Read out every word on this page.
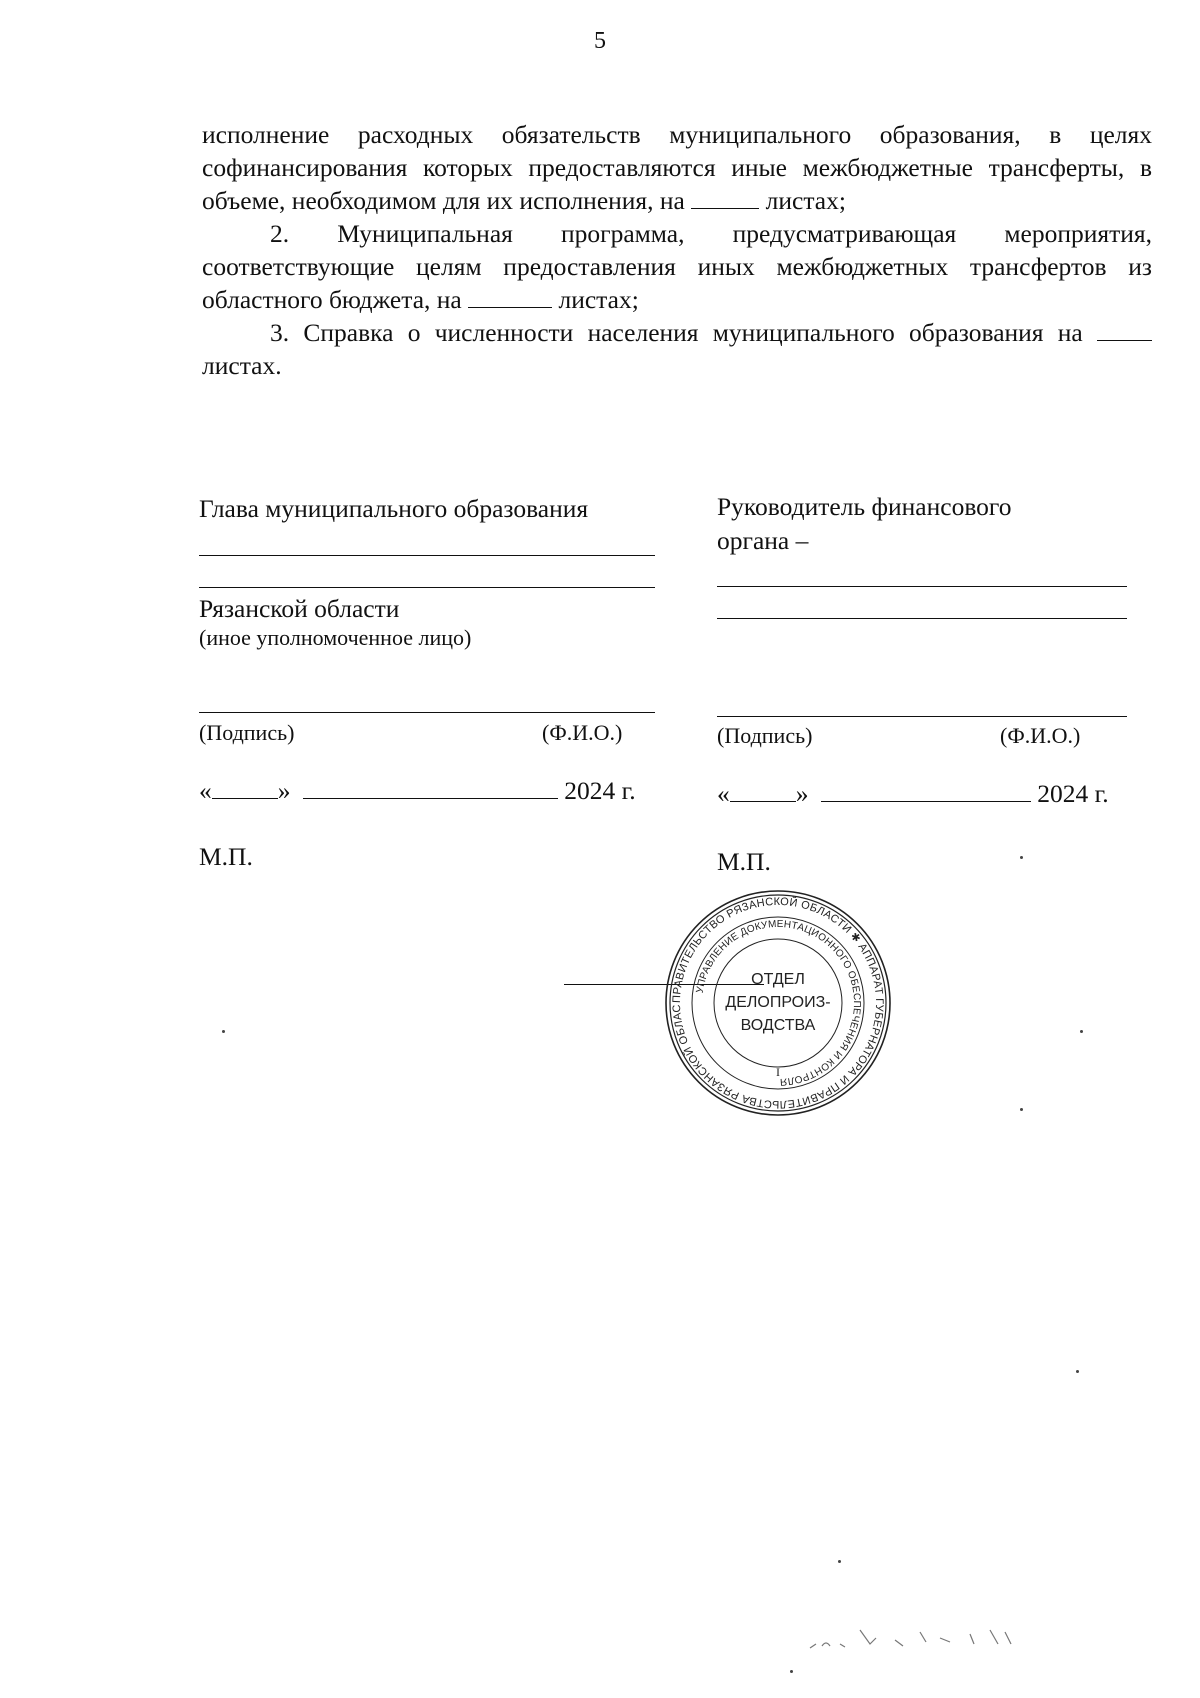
5

исполнение расходных обязательств муниципального образования, в целях софинансирования которых предоставляются иные межбюджетные трансферты, в объеме, необходимом для их исполнения, на	листах;

2. Муниципальная программа, предусматривающая мероприятия, соответствующие целям предоставления иных межбюджетных трансфертов из областного бюджета, на	листах;

3. Справка о численности населения муниципального образования на  листах.

Глава муниципального образования
Рязанской области
(иное уполномоченное лицо)
(Подпись)	(Ф.И.О.)
«	»	2024 г.
М.П.
Руководитель финансового
органа –
(Подпись)	(Ф.И.О.)
«	»	2024 г.
М.П.
ПРАВИТЕЛЬСТВО РЯЗАНСКОЙ ОБЛАСТИ ✱ АППАРАТ ГУБЕРНАТОРА И ПРАВИТЕЛЬСТВА РЯЗАНСКОЙ ОБЛАС
УПРАВЛЕНИЕ ДОКУМЕНТАЦИОННОГО ОБЕСПЕЧЕНИЯ И КОНТРОЛЯ
ОТДЕЛ
ДЕЛОПРОИЗ-
ВОДСТВА
I
